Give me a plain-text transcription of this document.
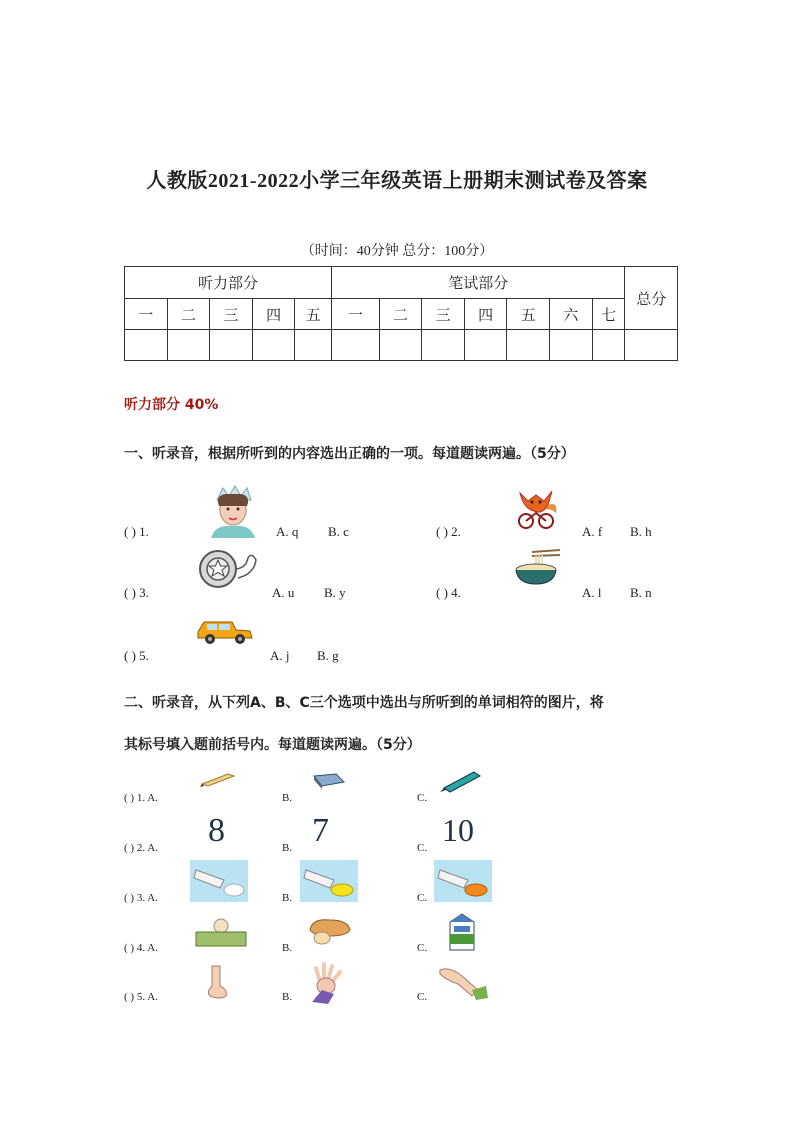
人教版2021-2022小学三年级英语上册期末测试卷及答案
（时间：40分钟 总分：100分）
听力部分					笔试部分							总分
一	二	三	四	五	一	二	三	四	五	六	七	

听力部分 40%
一、听录音，根据所听到的内容选出正确的一项。每道题读两遍。（5分）
( ) 1.	A. q B. c	( ) 2.	A. f B. h
( ) 3.	A. u B. y	( ) 4.	A. l B. n
( ) 5.	A. j B. g
二、听录音，从下列A、B、C三个选项中选出与所听到的单词相符的图片，将
其标号填入题前括号内。每道题读两遍。（5分）
( ) 1. A.	B.	C.
( ) 2. A.	B.	C.
8	7	10
( ) 3. A.	B.	C.
( ) 4. A.	B.	C.
( ) 5. A.	B.	C.
